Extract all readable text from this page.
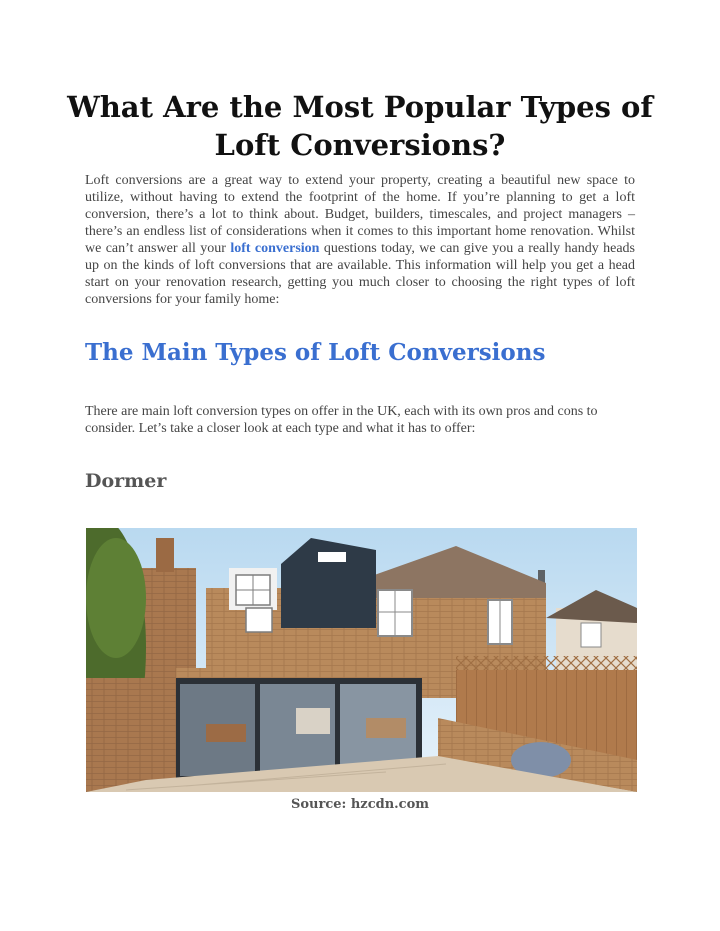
What Are the Most Popular Types of Loft Conversions?

Loft conversions are a great way to extend your property, creating a beautiful new space to utilize, without having to extend the footprint of the home. If you’re planning to get a loft conversion, there’s a lot to think about. Budget, builders, timescales, and project managers – there’s an endless list of considerations when it comes to this important home renovation. Whilst we can’t answer all your loft conversion questions today, we can give you a really handy heads up on the kinds of loft conversions that are available. This information will help you get a head start on your renovation research, getting you much closer to choosing the right types of loft conversions for your family home:

The Main Types of Loft Conversions

There are main loft conversion types on offer in the UK, each with its own pros and cons to consider. Let’s take a closer look at each type and what it has to offer:

Dormer

Source: hzcdn.com
